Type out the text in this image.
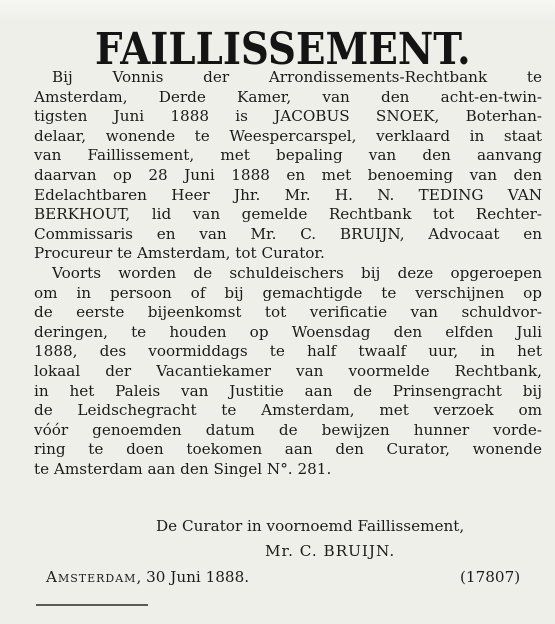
FAILLISSEMENT.
Bij Vonnis der Arrondissements-Rechtbank te
Amsterdam, Derde Kamer, van den acht-en-twin-
tigsten Juni 1888 is JACOBUS SNOEK, Boterhan-
delaar, wonende te Weespercarspel, verklaard in staat
van Faillissement, met bepaling van den aanvang
daarvan op 28 Juni 1888 en met benoeming van den
Edelachtbaren Heer Jhr. Mr. H. N. TEDING VAN
BERKHOUT, lid van gemelde Rechtbank tot Rechter-
Commissaris en van Mr. C. BRUIJN, Advocaat en
Procureur te Amsterdam, tot Curator.
Voorts worden de schuldeischers bij deze opgeroepen
om in persoon of bij gemachtigde te verschijnen op
de eerste bijeenkomst tot verificatie van schuldvor-
deringen, te houden op Woensdag den elfden Juli
1888, des voormiddags te half twaalf uur, in het
lokaal der Vacantiekamer van voormelde Rechtbank,
in het Paleis van Justitie aan de Prinsengracht bij
de Leidschegracht te Amsterdam, met verzoek om
vóór genoemden datum de bewijzen hunner vorde-
ring te doen toekomen aan den Curator, wonende
te Amsterdam aan den Singel N°. 281.
De Curator in voornoemd Faillissement,
Mr. C. BRUIJN.
Amsterdam, 30 Juni 1888.	(17807)
